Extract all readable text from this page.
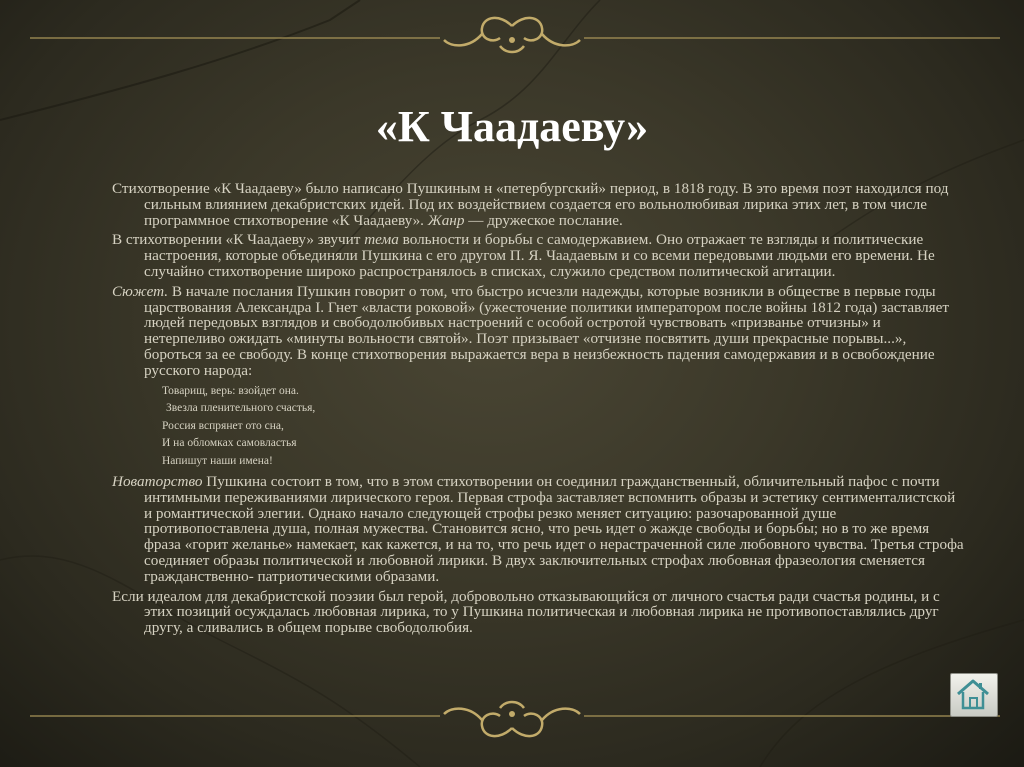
«К Чаадаеву»

Стихотворение «К Чаадаеву» было написано Пушкиным н «петербургский» период, в 1818 году. В это время поэт находился под сильным влиянием декабристских идей. Под их воздействием создается его вольнолюбивая лирика этих лет, в том числе программное стихотворение «К Чаадаеву». Жанр — дружеское послание.

В стихотворении «К Чаадаеву» звучит тема вольности и борьбы с самодержавием. Оно отражает те взгляды и политические настроения, которые объединяли Пушкина с его другом П. Я. Чаадаевым и со всеми передовыми людьми его времени. Не случайно стихотворение широко распространялось в списках, служило средством политической агитации.

Сюжет. В начале послания Пушкин говорит о том, что быстро исчезли надежды, которые возникли в обществе в первые годы царствования Александра I. Гнет «власти роковой» (ужесточение политики императором после войны 1812 года) заставляет людей передовых взглядов и свободолюбивых настроений с особой остротой чувствовать «призванье отчизны» и нетерпеливо ожидать «минуты вольности святой». Поэт призывает «отчизне посвятить души прекрасные порывы...», бороться за ее свободу. В конце стихотворения выражается вера в неизбежность падения самодержавия и в освобождение русского народа:

Товарищ, верь: взойдет она.
Звезла пленительного счастья,
Россия вспрянет ото сна,
И на обломках самовластья
Напишут наши имена!

Новаторство Пушкина состоит в том, что в этом стихотворении он соединил гражданственный, обличительный пафос с почти интимными переживаниями лирического героя. Первая строфа заставляет вспомнить образы и эстетику сентименталистской и романтической элегии. Однако начало следующей строфы резко меняет ситуацию: разочарованной душе противопоставлена душа, полная мужества. Становится ясно, что речь идет о жажде свободы и борьбы; но в то же время фраза «горит желанье» намекает, как кажется, и на то, что речь идет о нерастраченной силе любовного чувства. Третья строфа соединяет образы политической и любовной лирики. В двух заключительных строфах любовная фразеология сменяется гражданственно- патриотическими образами.

Если идеалом для декабристской поэзии был герой, добровольно отказывающийся от личного счастья ради счастья родины, и с этих позиций осуждалась любовная лирика, то у Пушкина политическая и любовная лирика не противопоставлялись друг другу, а сливались в общем порыве свободолюбия.
